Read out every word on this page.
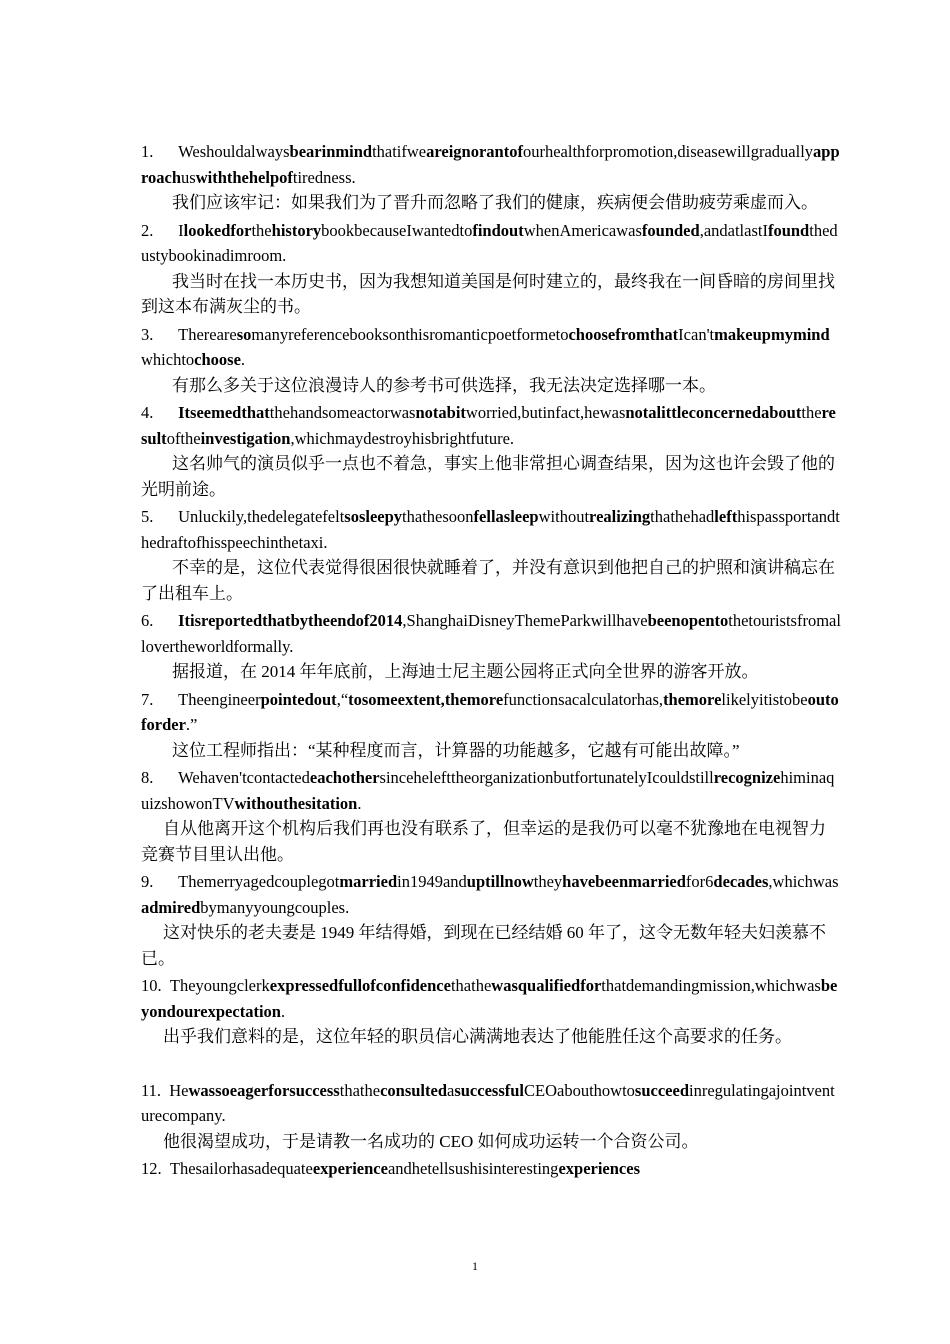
1.   Weshouldalwaysbearinmindthatifweareignorantofourhealthforpromotion,diseasewillgraduallyapproachuswiththehelpoftiredness.

我们应该牢记：如果我们为了晋升而忽略了我们的健康，疾病便会借助疲劳乘虚而入。

2.   IlookedforthehistorybookbecauseIwantedtofindoutwhenAmericawasfounded,andatlastIfoundthedustybookinadimroom.

我当时在找一本历史书，因为我想知道美国是何时建立的，最终我在一间昏暗的房间里找到这本布满灰尘的书。

3.   TherearesomanyreferencebooksonthisromanticpoetformetochoosefromthatIcan'tmakeupmymindwhichtochoose.

有那么多关于这位浪漫诗人的参考书可供选择，我无法决定选择哪一本。

4.   Itseemedthatthehandsomeactorwasnotabitworried,butinfact,hewasnotalittleconcernedabouttheresultoftheinvestigation,whichmaydestroyhisbrightfuture.

这名帅气的演员似乎一点也不着急，事实上他非常担心调查结果，因为这也许会毁了他的光明前途。

5.   Unluckily,thedelegatefeltsosleepythathesoonfellasleepwithoutrealizingthathehadlefthispassportandthedraftofhisspeechinthetaxi.

不幸的是，这位代表觉得很困很快就睡着了，并没有意识到他把自己的护照和演讲稿忘在了出租车上。

6.   Itisreportedthatbytheendof2014,ShanghaiDisneyThemeParkwillhavebeenopentothetouristsfromallovertheworldformally.

据报道，在 2014 年年底前，上海迪士尼主题公园将正式向全世界的游客开放。

7.   Theengineerpointedout,“tosomeextent,themorefunctionsacalculatorhas,themorelikelyitistobeoutoforder.”

这位工程师指出：“某种程度而言，计算器的功能越多，它越有可能出故障。”

8.   Wehaven'tcontactedeachothersincehelefttheorganizationbutfortunatelyIcouldstillrecognizehiminaquizshowonTVwithouthesitation.

自从他离开这个机构后我们再也没有联系了，但幸运的是我仍可以毫不犹豫地在电视智力竞赛节目里认出他。

9.   Themerryagedcouplegotmarriedin1949anduptillnowtheyhavebeenmarriedfor6decades,whichwasadmiredbymanyyoungcouples.

这对快乐的老夫妻是 1949 年结得婚，到现在已经结婚 60 年了，这令无数年轻夫妇羡慕不已。

10.  Theyoungclerkexpressedfullofconfidencethathewasqualifiedforthatdemandingmission,whichwasbeyondourexpectation.

出乎我们意料的是，这位年轻的职员信心满满地表达了他能胜任这个高要求的任务。

11.  HewassoeagerforsuccessthatheconsultedasuccessfulCEOabouthowtosucceedinregulatingajointventurecompany.

他很渴望成功，于是请教一名成功的 CEO 如何成功运转一个合资公司。

12.  Thesailorhasadequateexperienceandhetellsushisinterestingexperiences

1
